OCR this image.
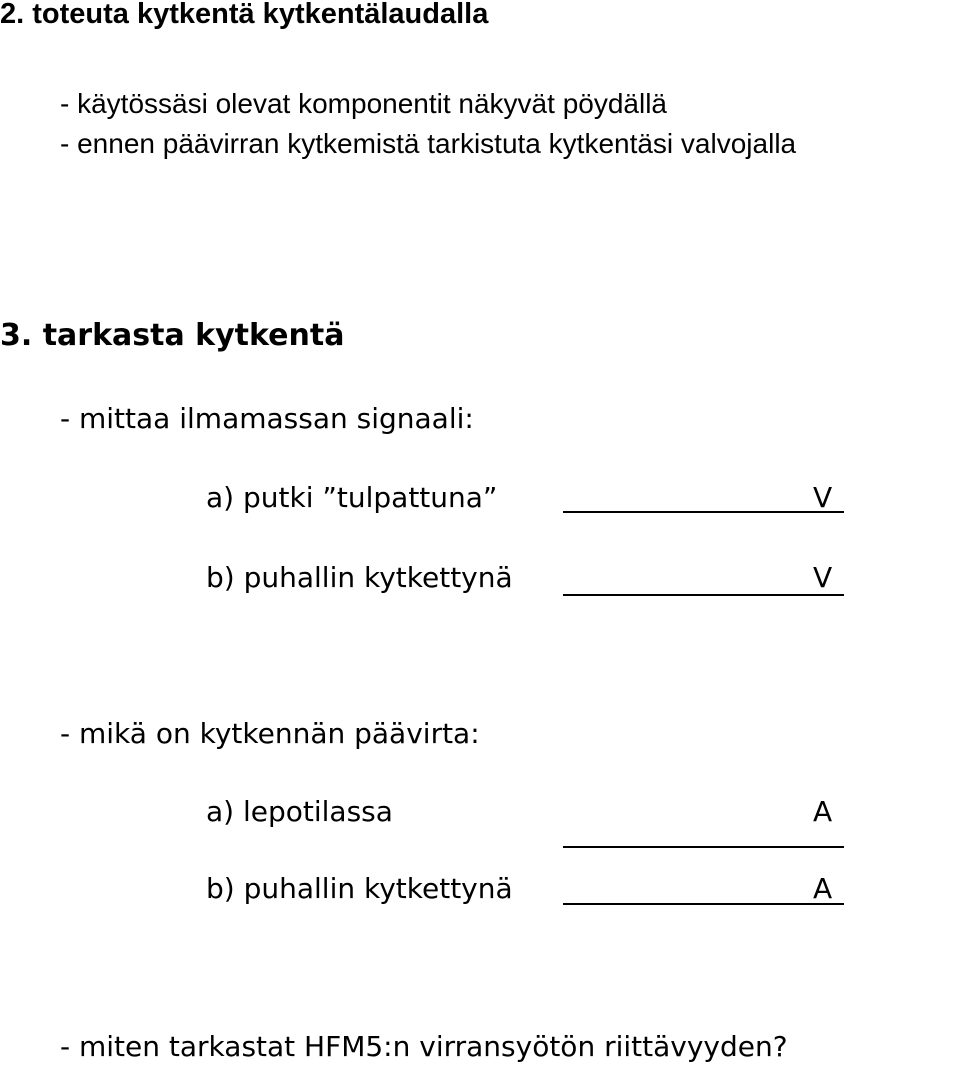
2. toteuta kytkentä kytkentälaudalla
- käytössäsi olevat komponentit näkyvät pöydällä
- ennen päävirran kytkemistä tarkistuta kytkentäsi valvojalla
3. tarkasta kytkentä
- mittaa ilmamassan signaali:
a) putki ”tulpattuna”	V
b) puhallin kytkettynä	V
- mikä on kytkennän päävirta:
a) lepotilassa	A
b) puhallin kytkettynä	A
- miten tarkastat HFM5:n virransyötön riittävyyden?
